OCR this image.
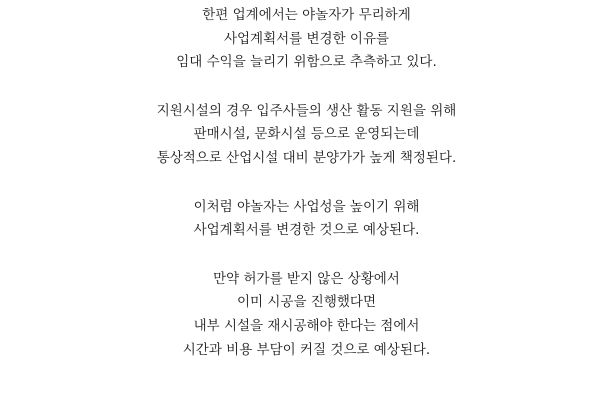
한편 업계에서는 야놀자가 무리하게
사업계획서를 변경한 이유를
임대 수익을 늘리기 위함으로 추측하고 있다.
지원시설의 경우 입주사들의 생산 활동 지원을 위해
판매시설, 문화시설 등으로 운영되는데
통상적으로 산업시설 대비 분양가가 높게 책정된다.
이처럼 야놀자는 사업성을 높이기 위해
사업계획서를 변경한 것으로 예상된다.
만약 허가를 받지 않은 상황에서
이미 시공을 진행했다면
내부 시설을 재시공해야 한다는 점에서
시간과 비용 부담이 커질 것으로 예상된다.
